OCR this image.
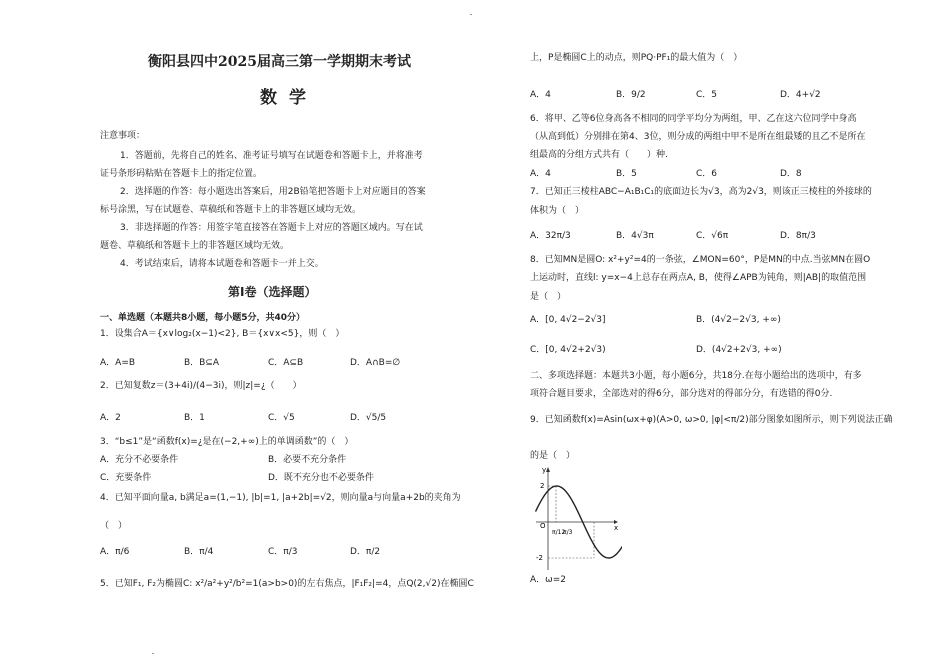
衡阳县四中2025届高三第一学期期末考试
数学
注意事项：
1．答题前，先将自己的姓名、准考证号填写在试题卷和答题卡上，并将准考
证号条形码粘贴在答题卡上的指定位置。
2．选择题的作答：每小题选出答案后，用2B铅笔把答题卡上对应题目的答案
标号涂黑，写在试题卷、草稿纸和答题卡上的非答题区域均无效。
3．非选择题的作答：用签字笔直接答在答题卡上对应的答题区域内。写在试
题卷、草稿纸和答题卡上的非答题区域均无效。
4．考试结束后，请将本试题卷和答题卡一并上交。
第Ⅰ卷（选择题）
一、单选题（本题共8小题，每小题5分，共40分）
1．设集合A＝{x∨log₂(x−1)<2}, B＝{x∨x<5}，则（　）
A．A=B	B．B⊆A	C．A⊆B	D．A∩B=∅
2．已知复数z＝(3+4i)/(4−3i)，则|z|=¿（　　）
A．2	B．1	C．√5	D．√5/5
3．“b≤1”是“函数f(x)=¿是在(−2,+∞)上的单调函数”的（　）
A．充分不必要条件	B．必要不充分条件
C．充要条件	D．既不充分也不必要条件
4．已知平面向量a, b满足a=(1,−1), |b|=1, |a+2b|=√2，则向量a与向量a+2b的夹角为
（　）
A．π/6	B．π/4	C．π/3	D．π/2
5．已知F₁, F₂为椭圆C: x²/a²+y²/b²=1(a>b>0)的左右焦点，|F₁F₂|=4，点Q(2,√2)在椭圆C
上，P是椭圆C上的动点，则PQ·PF₁的最大值为（　）
A．4	B．9/2	C．5	D．4+√2
6．将甲、乙等6位身高各不相同的同学平均分为两组，甲、乙在这六位同学中身高
（从高到低）分别排在第4、3位，则分成的两组中甲不是所在组最矮的且乙不是所在
组最高的分组方式共有（　　）种.
A．4	B．5	C．6	D．8
7．已知正三棱柱ABC−A₁B₁C₁的底面边长为√3，高为2√3，则该正三棱柱的外接球的
体积为（　）
A．32π/3	B．4√3π	C．√6π	D．8π/3
8．已知MN是圆O: x²+y²=4的一条弦，∠MON=60°，P是MN的中点.当弦MN在圆O
上运动时，直线l: y=x−4上总存在两点A, B，使得∠APB为钝角，则|AB|的取值范围
是（　）
A．[0, 4√2−2√3]	B．(4√2−2√3, +∞)
C．[0, 4√2+2√3)	D．(4√2+2√3, +∞)
二、多项选择题：本题共3小题，每小题6分，共18分.在每小题给出的选项中，有多
项符合题目要求，全部选对的得6分，部分选对的得部分分，有选错的得0分.
9．已知函数f(x)=Asin(ωx+φ)(A>0, ω>0, |φ|<π/2)部分图象如图所示，则下列说法正确
的是（　）
y
x
O
2
-2
π/12
π/3
A．ω=2
